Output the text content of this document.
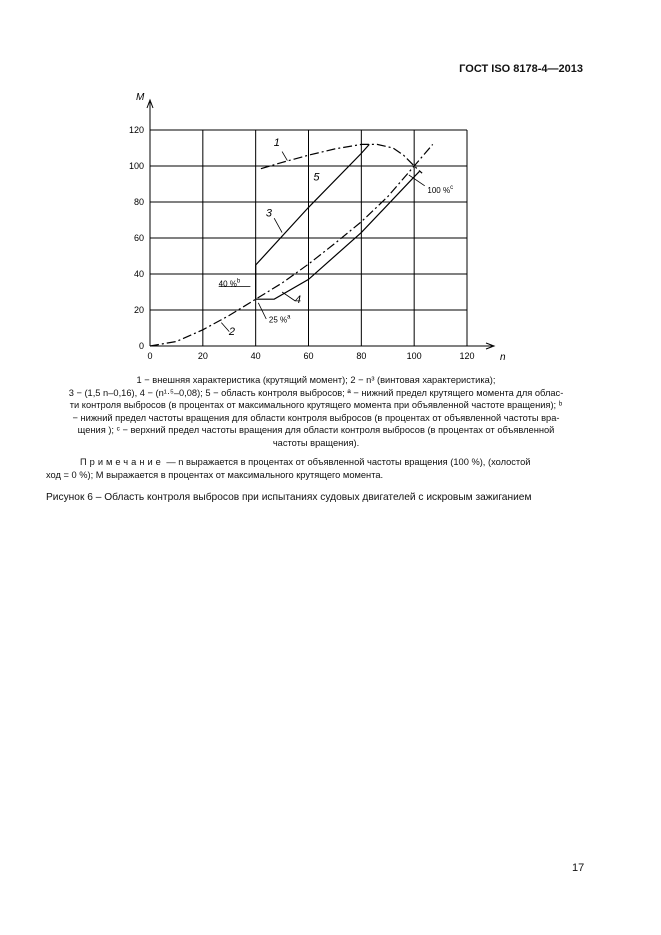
ГОСТ ISO 8178-4—2013
0	20	40	60	80	100	120
0
20
40
60
80
100
120
n
M
1
2
3
4
5
40 %$^b$
25 %$^a$
100 %$^c$

1 − внешняя характеристика (крутящий момент); 2 − n³ (винтовая характеристика);

3 − (1,5 n–0,16), 4 − (n¹·⁵–0,08); 5 − область контроля выбросов; ª − нижний предел крутящего момента для облас-

ти контроля выбросов (в процентах от максимального крутящего момента при объявленной частоте вращения); ᵇ

− нижний предел частоты вращения для области контроля выбросов (в процентах от объявленной частоты вра-

щения ); ᶜ − верхний предел частоты вращения для области контроля выбросов (в процентах от объявленной

частоты вращения).

Примечание — n выражается в процентах от объявленной частоты вращения (100 %), (холостой

ход = 0 %); M выражается в процентах от максимального крутящего момента.

Рисунок 6 – Область контроля выбросов при испытаниях судовых двигателей с искровым зажиганием
17
